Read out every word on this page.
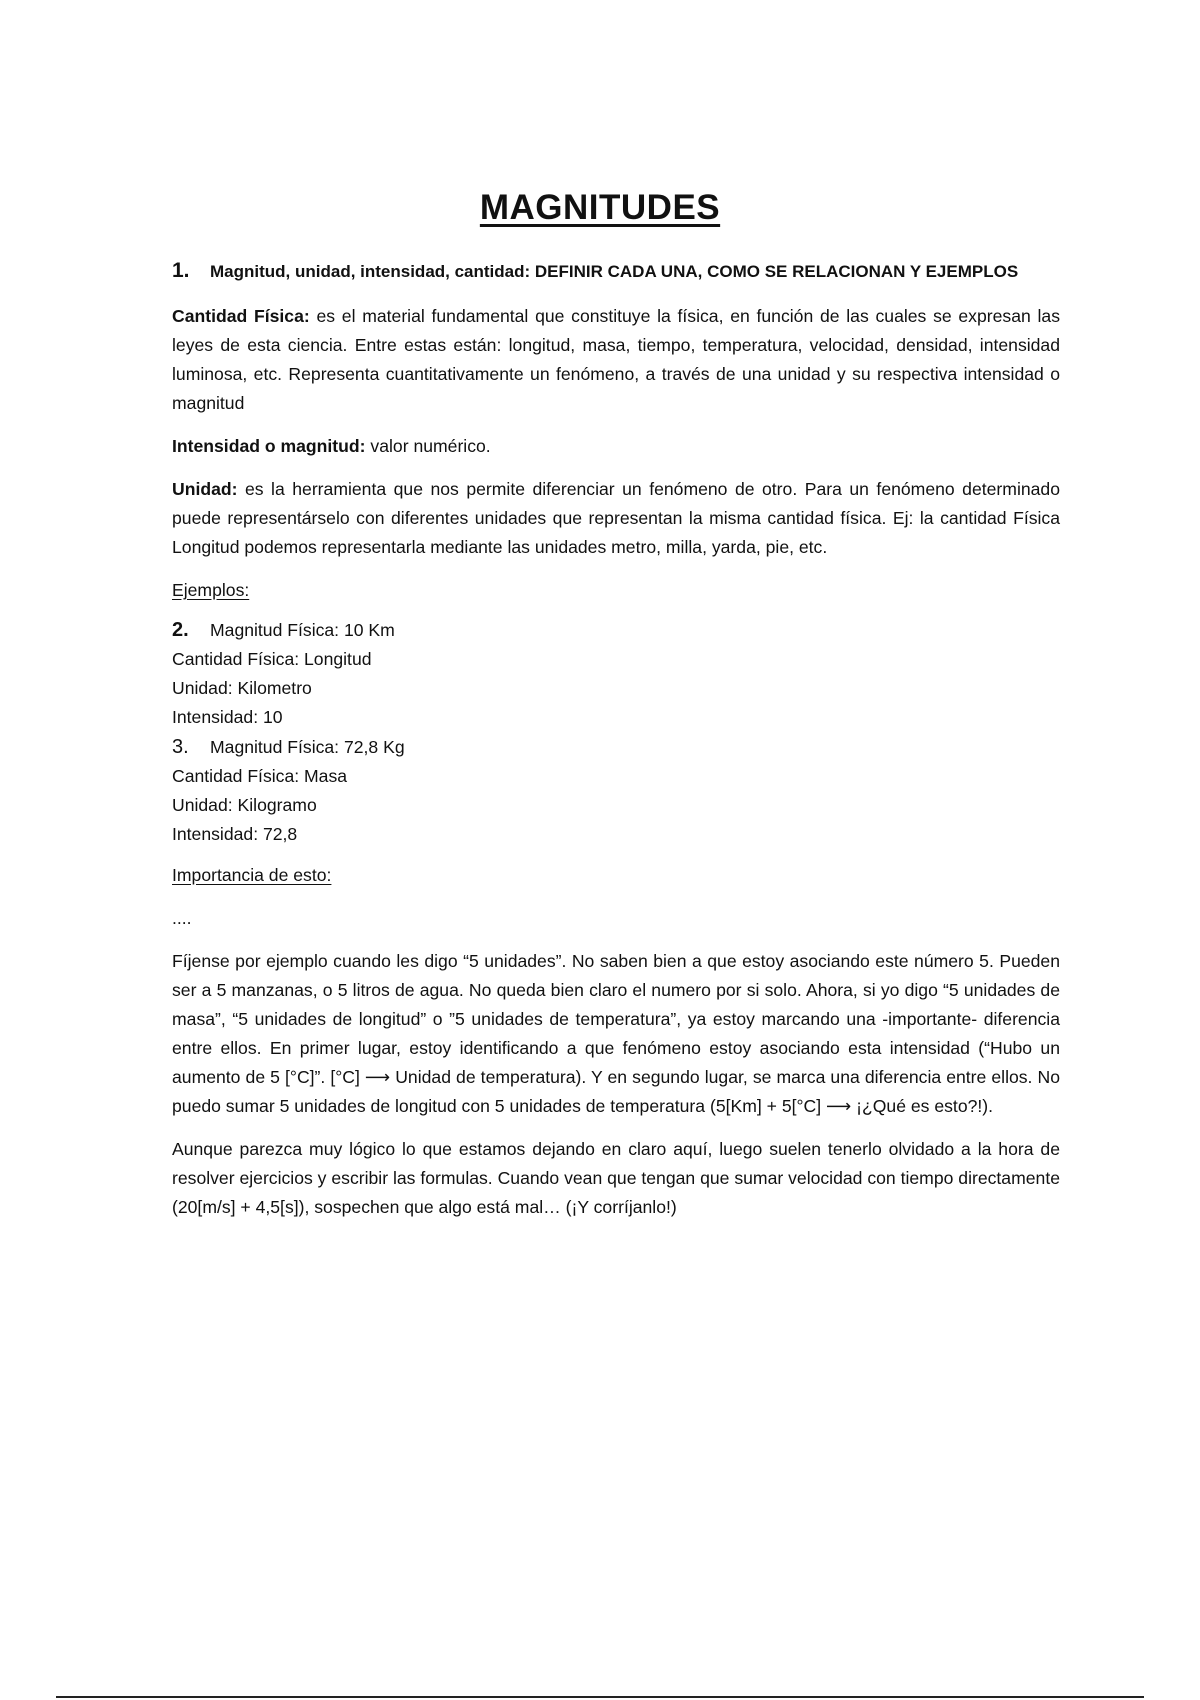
MAGNITUDES
1.	Magnitud, unidad, intensidad, cantidad: DEFINIR CADA UNA, COMO SE RELACIONAN Y EJEMPLOS

Cantidad Física: es el material fundamental que constituye la física, en función de las cuales se expresan las leyes de esta ciencia. Entre estas están: longitud, masa, tiempo, temperatura, velocidad, densidad, intensidad luminosa, etc. Representa cuantitativamente un fenómeno, a través de una unidad y su respectiva intensidad o magnitud

Intensidad o magnitud: valor numérico.

Unidad: es la herramienta que nos permite diferenciar un fenómeno de otro. Para un fenómeno determinado puede representárselo con diferentes unidades que representan la misma cantidad física. Ej: la cantidad Física Longitud podemos representarla mediante las unidades metro, milla, yarda, pie, etc.

Ejemplos:

2.	Magnitud Física: 10 Km

Cantidad Física: Longitud

Unidad: Kilometro

Intensidad: 10

3.	Magnitud Física: 72,8 Kg

Cantidad Física: Masa

Unidad: Kilogramo

Intensidad: 72,8

Importancia de esto:

....

Fíjense por ejemplo cuando les digo “5 unidades”. No saben bien a que estoy asociando este número 5. Pueden ser a 5 manzanas, o 5 litros de agua. No queda bien claro el numero por si solo. Ahora, si yo digo “5 unidades de masa”, “5 unidades de longitud” o ”5 unidades de temperatura”, ya estoy marcando una -importante- diferencia entre ellos. En primer lugar, estoy identificando a que fenómeno estoy asociando esta intensidad (“Hubo un aumento de 5 [°C]”. [°C] ⟶ Unidad de temperatura). Y en segundo lugar, se marca una diferencia entre ellos. No puedo sumar 5 unidades de longitud con 5 unidades de temperatura (5[Km] + 5[°C] ⟶ ¡¿Qué es esto?!).

Aunque parezca muy lógico lo que estamos dejando en claro aquí, luego suelen tenerlo olvidado a la hora de resolver ejercicios y escribir las formulas. Cuando vean que tengan que sumar velocidad con tiempo directamente (20[m/s] + 4,5[s]), sospechen que algo está mal… (¡Y corríjanlo!)
